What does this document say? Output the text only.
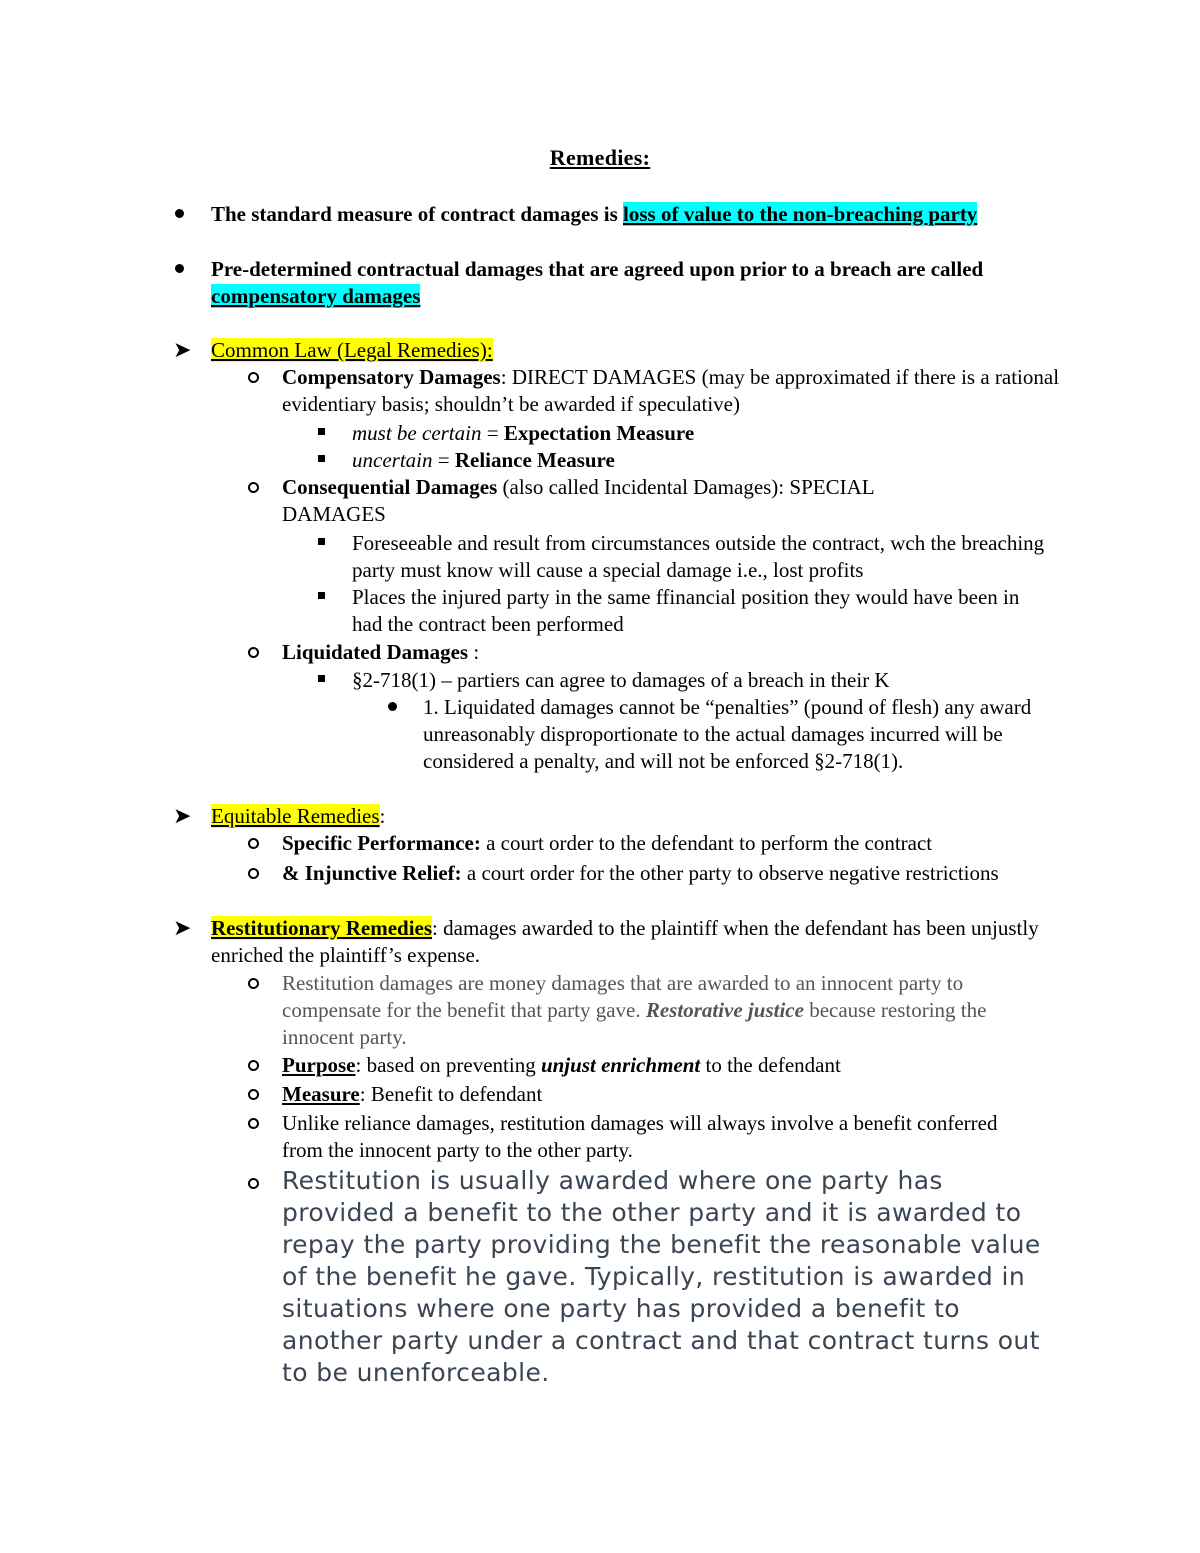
Remedies:
The standard measure of contract damages is loss of value to the non-breaching party
Pre-determined contractual damages that are agreed upon prior to a breach are called compensatory damages
➤ Common Law (Legal Remedies):
Compensatory Damages: DIRECT DAMAGES (may be approximated if there is a rational evidentiary basis; shouldn’t be awarded if speculative)
must be certain = Expectation Measure
uncertain = Reliance Measure
Consequential Damages (also called Incidental Damages): SPECIAL DAMAGES
Foreseeable and result from circumstances outside the contract, wch the breaching party must know will cause a special damage i.e., lost profits
Places the injured party in the same ffinancial position they would have been in had the contract been performed
Liquidated Damages :
§2-718(1) – partiers can agree to damages of a breach in their K
1. Liquidated damages cannot be “penalties” (pound of flesh) any award unreasonably disproportionate to the actual damages incurred will be considered a penalty, and will not be enforced §2-718(1).
➤ Equitable Remedies:
Specific Performance: a court order to the defendant to perform the contract
& Injunctive Relief: a court order for the other party to observe negative restrictions
➤ Restitutionary Remedies: damages awarded to the plaintiff when the defendant has been unjustly enriched the plaintiff’s expense.
Restitution damages are money damages that are awarded to an innocent party to compensate for the benefit that party gave. Restorative justice because restoring the innocent party.
Purpose: based on preventing unjust enrichment to the defendant
Measure: Benefit to defendant
Unlike reliance damages, restitution damages will always involve a benefit conferred from the innocent party to the other party.
Restitution is usually awarded where one party has provided a benefit to the other party and it is awarded to repay the party providing the benefit the reasonable value of the benefit he gave. Typically, restitution is awarded in situations where one party has provided a benefit to another party under a contract and that contract turns out to be unenforceable.
